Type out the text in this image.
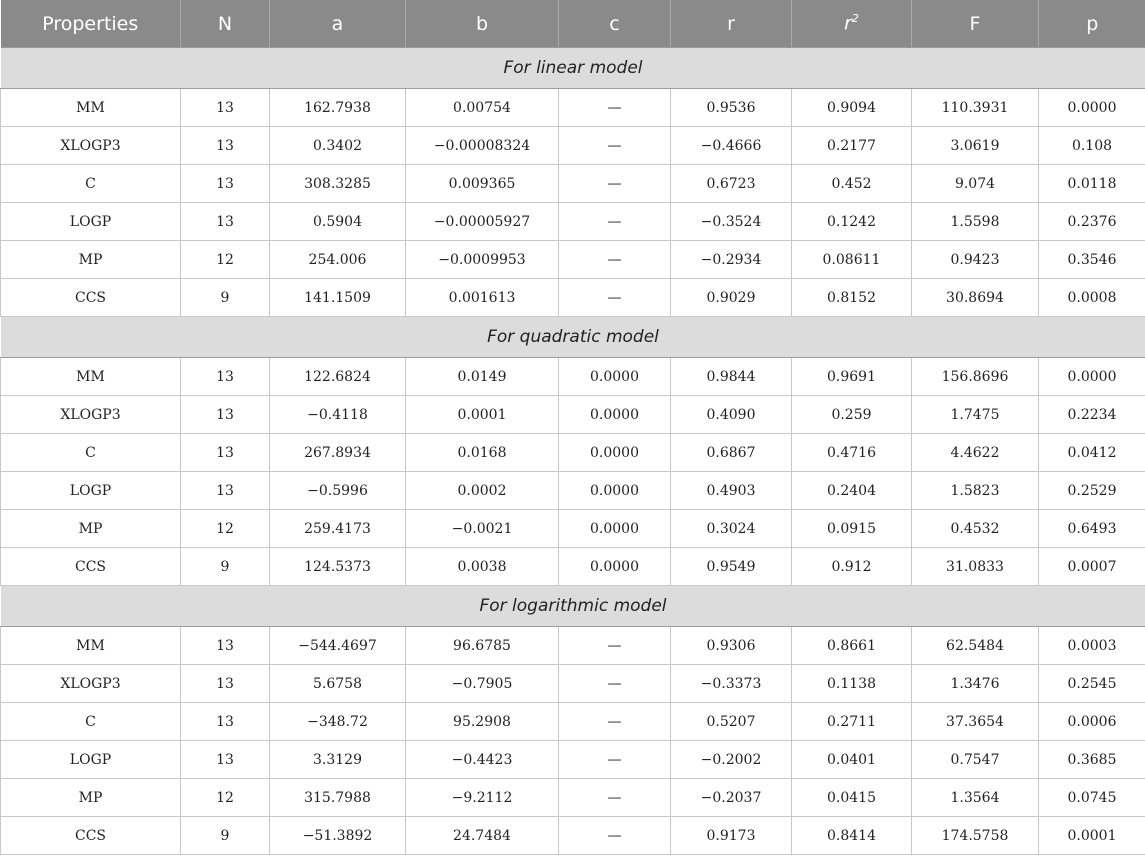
Properties	N	a	b	c	r	$r^2$	F	p
For linear model								
MM	13	162.7938	0.00754	—	0.9536	0.9094	110.3931	0.0000
XLOGP3	13	0.3402	−0.00008324	—	−0.4666	0.2177	3.0619	0.108
C	13	308.3285	0.009365	—	0.6723	0.452	9.074	0.0118
LOGP	13	0.5904	−0.00005927	—	−0.3524	0.1242	1.5598	0.2376
MP	12	254.006	−0.0009953	—	−0.2934	0.08611	0.9423	0.3546
CCS	9	141.1509	0.001613	—	0.9029	0.8152	30.8694	0.0008
For quadratic model								
MM	13	122.6824	0.0149	0.0000	0.9844	0.9691	156.8696	0.0000
XLOGP3	13	−0.4118	0.0001	0.0000	0.4090	0.259	1.7475	0.2234
C	13	267.8934	0.0168	0.0000	0.6867	0.4716	4.4622	0.0412
LOGP	13	−0.5996	0.0002	0.0000	0.4903	0.2404	1.5823	0.2529
MP	12	259.4173	−0.0021	0.0000	0.3024	0.0915	0.4532	0.6493
CCS	9	124.5373	0.0038	0.0000	0.9549	0.912	31.0833	0.0007
For logarithmic model								
MM	13	−544.4697	96.6785	—	0.9306	0.8661	62.5484	0.0003
XLOGP3	13	5.6758	−0.7905	—	−0.3373	0.1138	1.3476	0.2545
C	13	−348.72	95.2908	—	0.5207	0.2711	37.3654	0.0006
LOGP	13	3.3129	−0.4423	—	−0.2002	0.0401	0.7547	0.3685
MP	12	315.7988	−9.2112	—	−0.2037	0.0415	1.3564	0.0745
CCS	9	−51.3892	24.7484	—	0.9173	0.8414	174.5758	0.0001
